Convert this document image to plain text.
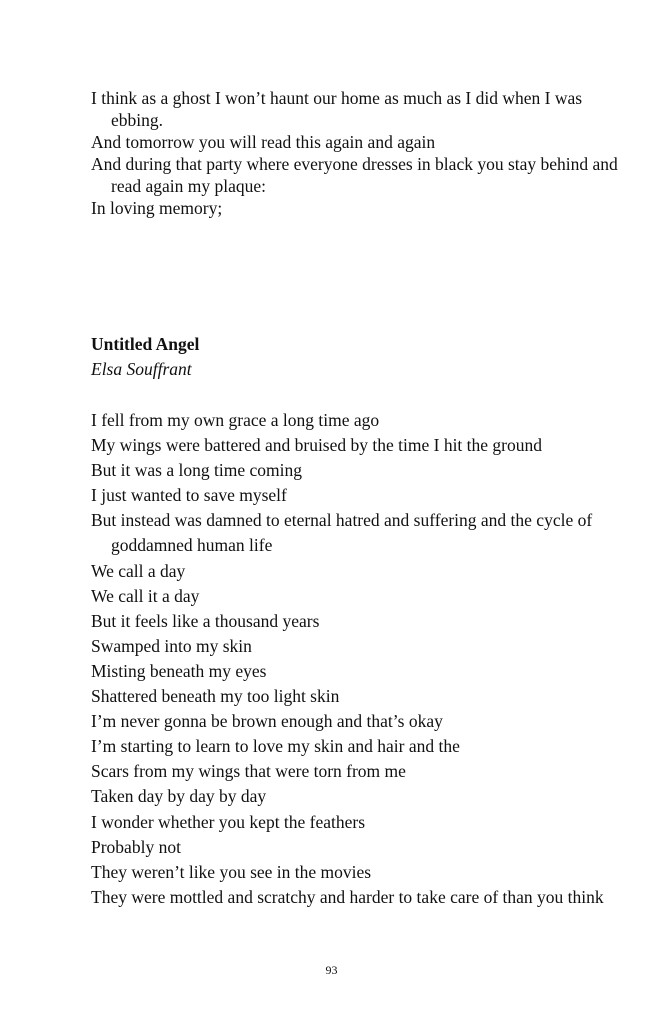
I think as a ghost I won’t haunt our home as much as I did when I was ebbing.
And tomorrow you will read this again and again
And during that party where everyone dresses in black you stay behind and read again my plaque:
In loving memory;
Untitled Angel
Elsa Souffrant
I fell from my own grace a long time ago
My wings were battered and bruised by the time I hit the ground
But it was a long time coming
I just wanted to save myself
But instead was damned to eternal hatred and suffering and the cycle of goddamned human life
We call a day
We call it a day
But it feels like a thousand years
Swamped into my skin
Misting beneath my eyes
Shattered beneath my too light skin
I’m never gonna be brown enough and that’s okay
I’m starting to learn to love my skin and hair and the
Scars from my wings that were torn from me
Taken day by day by day
I wonder whether you kept the feathers
Probably not
They weren’t like you see in the movies
They were mottled and scratchy and harder to take care of than you think
93
